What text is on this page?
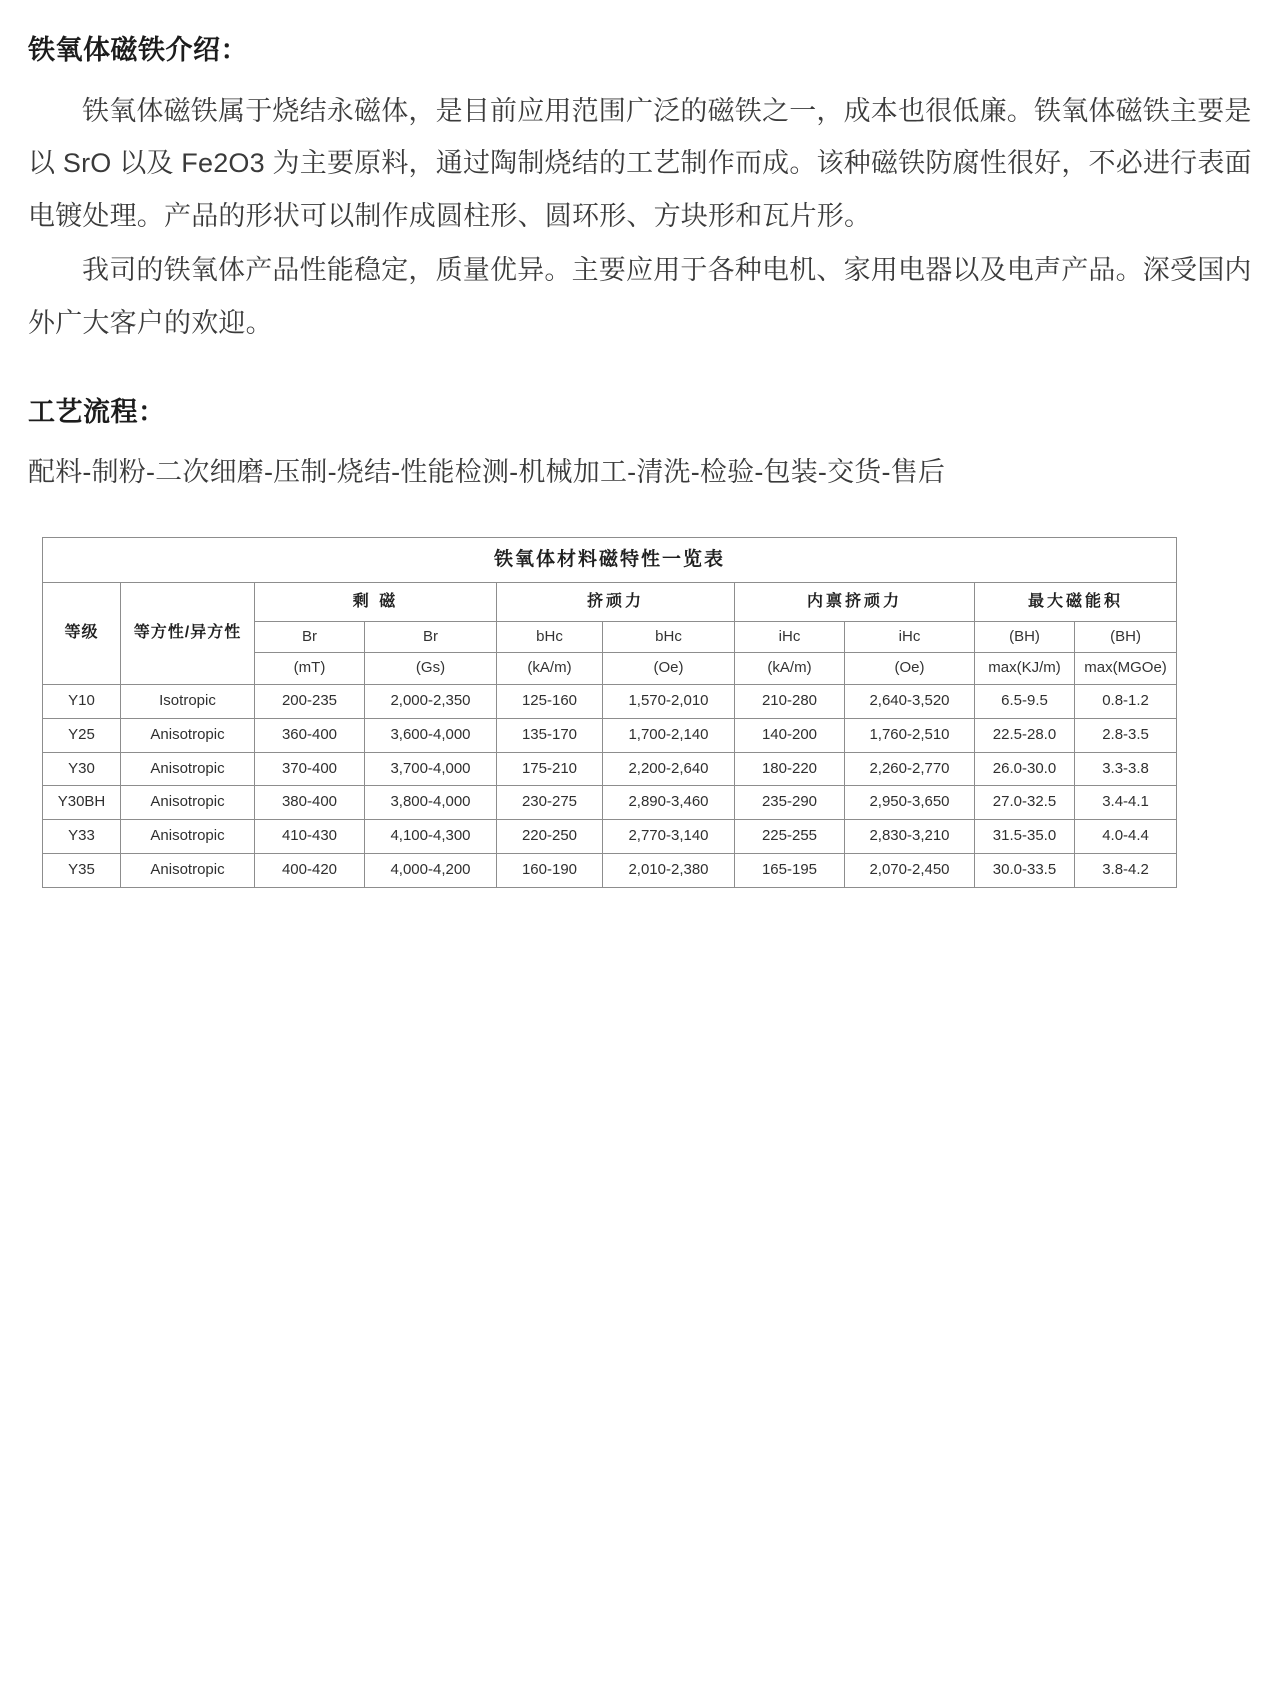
铁氧体磁铁介绍：

铁氧体磁铁属于烧结永磁体，是目前应用范围广泛的磁铁之一，成本也很低廉。铁氧体磁铁主要是以 SrO 以及 Fe2O3 为主要原料，通过陶制烧结的工艺制作而成。该种磁铁防腐性很好，不必进行表面电镀处理。产品的形状可以制作成圆柱形、圆环形、方块形和瓦片形。

我司的铁氧体产品性能稳定，质量优异。主要应用于各种电机、家用电器以及电声产品。深受国内外广大客户的欢迎。

工艺流程：

配料-制粉-二次细磨-压制-烧结-性能检测-机械加工-清洗-检验-包装-交货-售后

铁氧体材料磁特性一览表									
等级	等方性/异方性	剩 磁		挤顽力		内禀挤顽力		最大磁能积	
		Br	Br	bHc	bHc	iHc	iHc	(BH)	(BH)
		(mT)	(Gs)	(kA/m)	(Oe)	(kA/m)	(Oe)	max(KJ/m)	max(MGOe)
Y10	Isotropic	200-235	2,000-2,350	125-160	1,570-2,010	210-280	2,640-3,520	6.5-9.5	0.8-1.2
Y25	Anisotropic	360-400	3,600-4,000	135-170	1,700-2,140	140-200	1,760-2,510	22.5-28.0	2.8-3.5
Y30	Anisotropic	370-400	3,700-4,000	175-210	2,200-2,640	180-220	2,260-2,770	26.0-30.0	3.3-3.8
Y30BH	Anisotropic	380-400	3,800-4,000	230-275	2,890-3,460	235-290	2,950-3,650	27.0-32.5	3.4-4.1
Y33	Anisotropic	410-430	4,100-4,300	220-250	2,770-3,140	225-255	2,830-3,210	31.5-35.0	4.0-4.4
Y35	Anisotropic	400-420	4,000-4,200	160-190	2,010-2,380	165-195	2,070-2,450	30.0-33.5	3.8-4.2
